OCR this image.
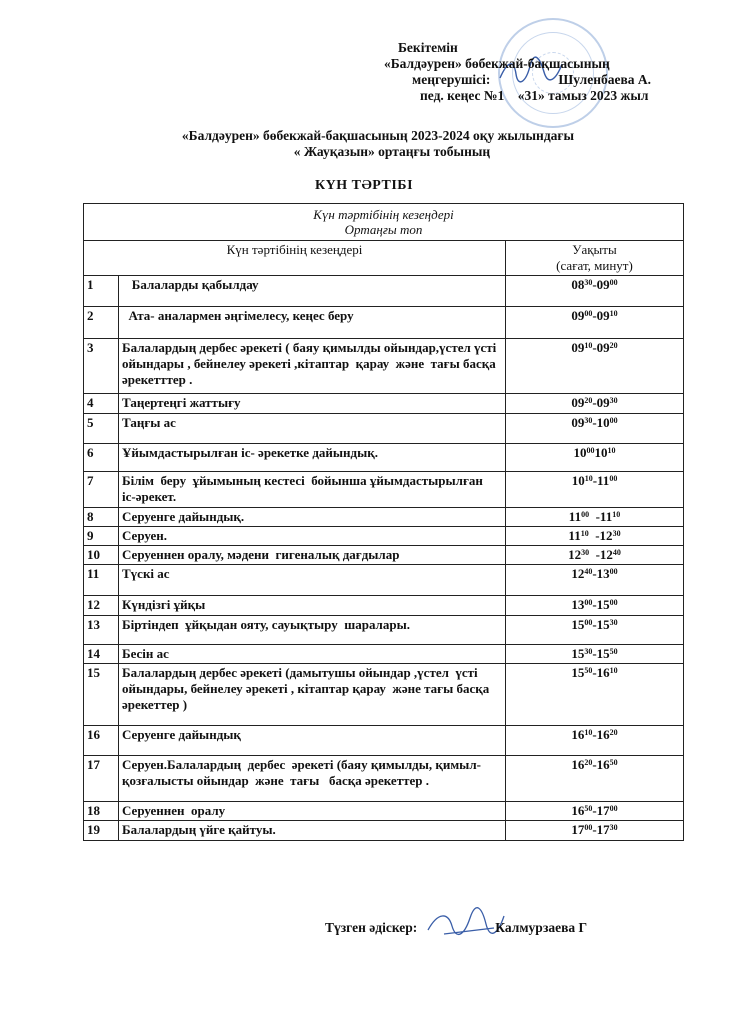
Бекітемін
«Балдәурен» бөбекжай-бақшасының
меңгерушісі:	Шуленбаева А.
пед. кеңес №1    «31» тамыз 2023 жыл
«Балдәурен» бөбекжай-бақшасының 2023-2024 оқу жылындағы
« Жауқазын» ортаңғы тобының
КҮН ТӘРТІБІ
Күн тәртібінің кезеңдері
Ортаңғы топ		

Күн тәртібінің кезеңдері		Уақыты
(сағат, минут)

1	Балаларды қабылдау	$08^{30}-09^{00}$
2	Ата- аналармен әңгімелесу, кеңес беру	$09^{00}-09^{10}$
3	Балалардың дербес әрекеті ( баяу қимылды ойындар,үстел үсті  ойындары , бейнелеу әрекеті ,кітаптар  қарау  және  тағы басқа әрекетттер .	$09^{10}-09^{20}$
4	Таңертеңгі жаттығу	$09^{20}-09^{30}$
5	Таңғы ас	$09^{30}-10^{00}$
6	Ұйымдастырылған іс- әрекетке дайындық.	$10^{00}10^{10}$
7	Білім  беру  ұйымының кестесі  бойынша ұйымдастырылған  іс-әрекет.	$10^{10}-11^{00}$
8	Серуенге дайындық.	$11^{00}$  $-11^{10}$
9	Серуен.	$11^{10}$  $-12^{30}$
10	Серуеннен оралу, мәдени  гигеналық дағдылар	$12^{30}$  $-12^{40}$
11	Түскі ас	$12^{40}-13^{00}$
12	Күндізгі ұйқы	$13^{00}-15^{00}$
13	Біртіндеп  ұйқыдан ояту, сауықтыру  шаралары.	$15^{00}-15^{30}$
14	Бесін ас	$15^{30}-15^{50}$
15	Балалардың дербес әрекеті (дамытушы ойындар ,үстел  үсті ойындары, бейнелеу әрекеті , кітаптар қарау  және тағы басқа  әрекеттер )	$15^{50}-16^{10}$
16	Серуенге дайындық	$16^{10}-16^{20}$
17	Серуен.Балалардың  дербес  әрекеті (баяу қимылды, қимыл-қозғалысты ойындар  және  тағы   басқа әрекеттер .	$16^{20}-16^{50}$
18	Серуеннен  оралу	$16^{50}-17^{00}$
19	Балалардың үйге қайтуы.	$17^{00}-17^{30}$
Түзген әдіскер:	Калмурзаева Г
